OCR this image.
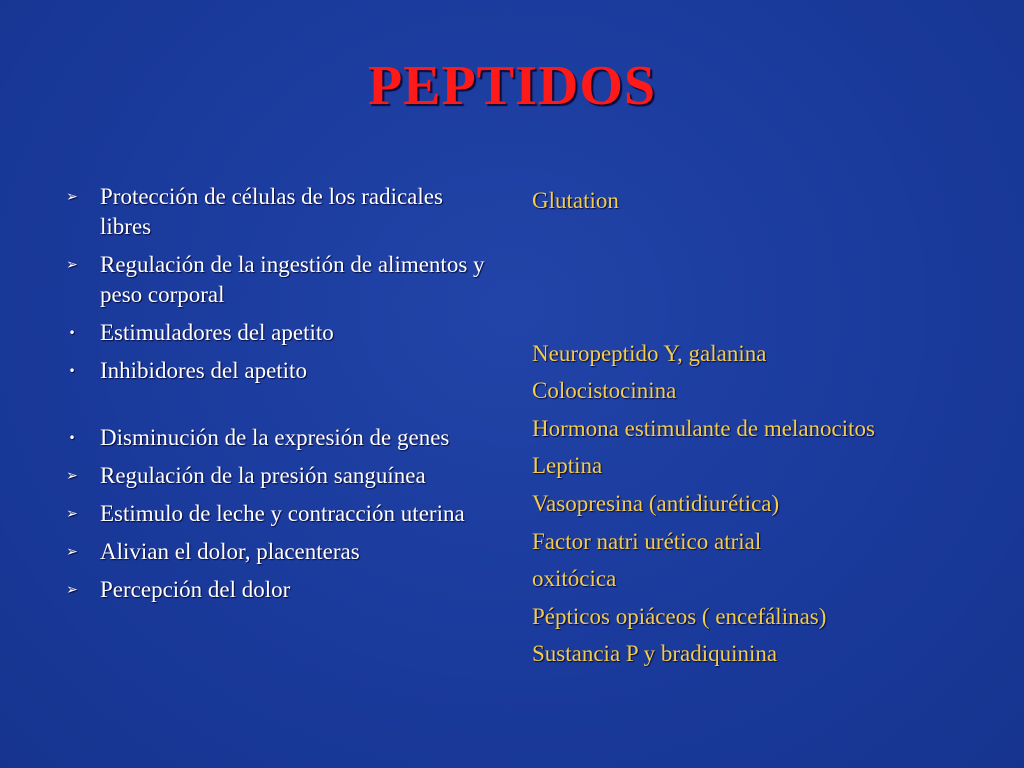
PEPTIDOS
➢ Protección de células de los radicales libres
➢ Regulación de la ingestión de alimentos y peso corporal
•	Estimuladores del apetito
•	Inhibidores del apetito
•	Disminución de la expresión de genes
➢ Regulación de la presión sanguínea
➢ Estimulo de leche y contracción uterina
➢ Alivian el dolor, placenteras
➢ Percepción del dolor
Glutation
Neuropeptido Y, galanina
Colocistocinina
Hormona estimulante de melanocitos
Leptina
Vasopresina (antidiurética)
Factor natri urético atrial
oxitócica
Pépticos opiáceos ( encefálinas)
Sustancia P y bradiquinina
